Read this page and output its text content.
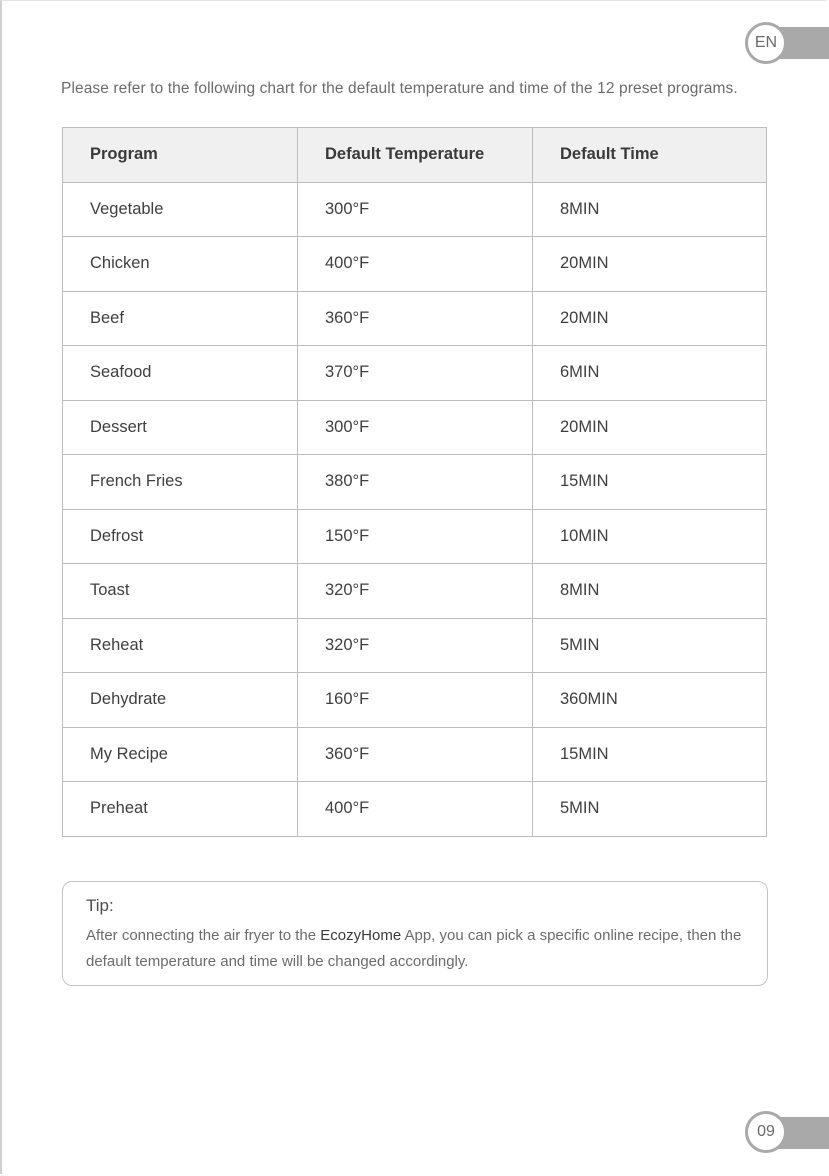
EN
Please refer to the following chart for the default temperature and time of the 12 preset programs.
Program	Default Temperature	Default Time
Vegetable	300°F	8MIN
Chicken	400°F	20MIN
Beef	360°F	20MIN
Seafood	370°F	6MIN
Dessert	300°F	20MIN
French Fries	380°F	15MIN
Defrost	150°F	10MIN
Toast	320°F	8MIN
Reheat	320°F	5MIN
Dehydrate	160°F	360MIN
My Recipe	360°F	15MIN
Preheat	400°F	5MIN
Tip:
After connecting the air fryer to the EcozyHome App, you can pick a specific online recipe, then the default temperature and time will be changed accordingly.
09
